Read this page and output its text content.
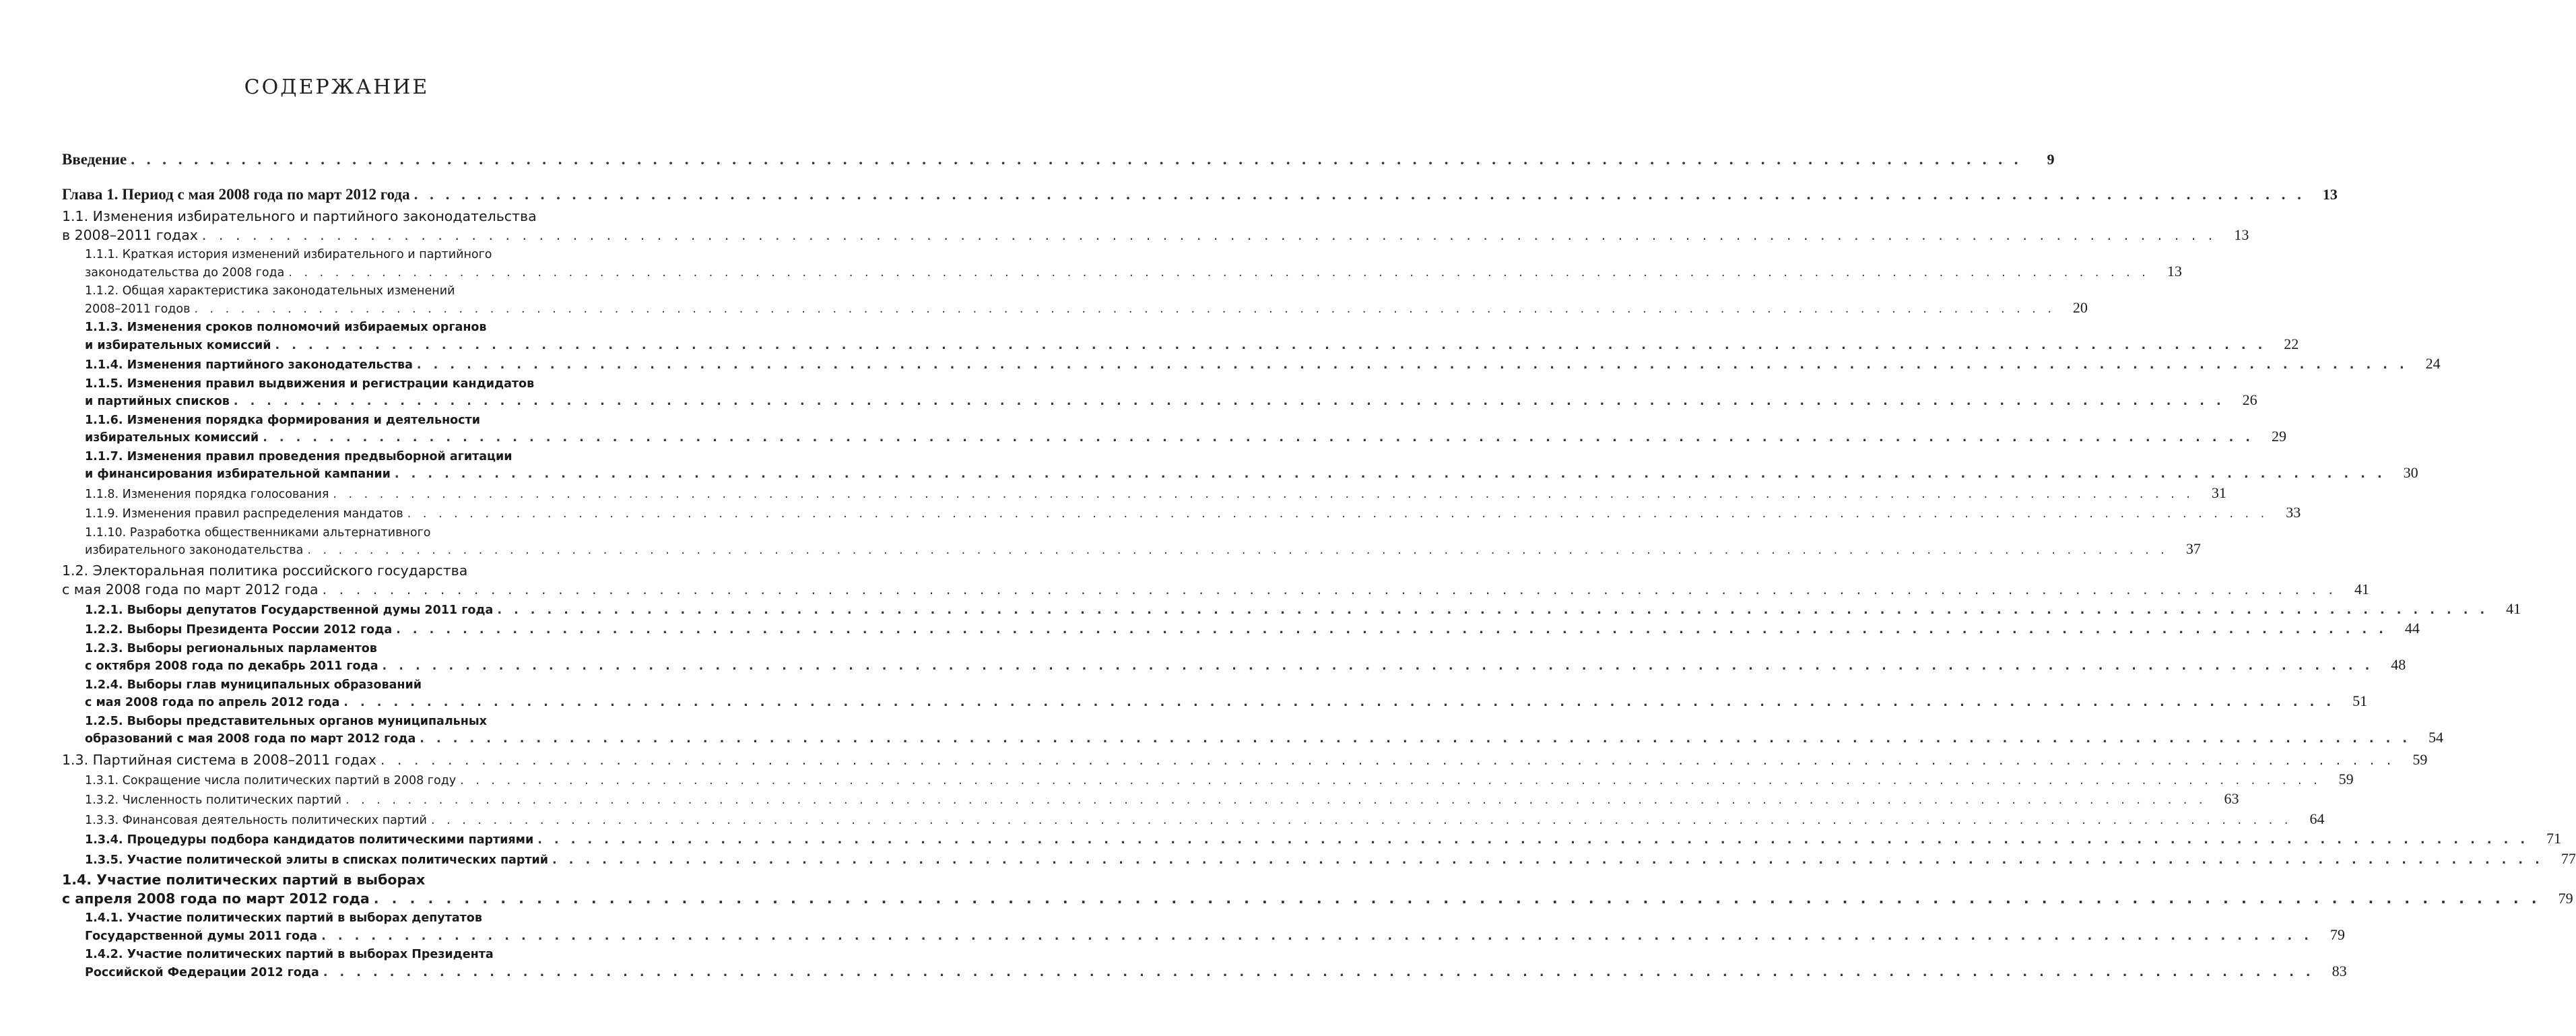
СОДЕРЖАНИЕ
Введение . . . . . . . . . . . . . . . . . . . . . . . . . . . . . . . . . . . . . . . . . . . . . . . . . . . . . . . . . . . . . . . . . . . . . . . . . . . . . . . . . . . . . . . . . . . . . . . . . . . . . . . . . . . . . . . . . . . . . . . .	9
Глава 1. Период с мая 2008 года по март 2012 года . . . . . . . . . . . . . . . . . . . . . . . . . . . . . . . . . . . . . . . . . . . . . . . . . . . . . . . . . . . . . . . . . . . . . . . . . . . . . . . . . . . . . . . . . . . . . . . . . . . . . . . . . . . . . . . . . . . . . . . .	13
1.1. Изменения избирательного и партийного законодательства
в 2008–2011 годах . . . . . . . . . . . . . . . . . . . . . . . . . . . . . . . . . . . . . . . . . . . . . . . . . . . . . . . . . . . . . . . . . . . . . . . . . . . . . . . . . . . . . . . . . . . . . . . . . . . . . . . . . . . . . . . . . . . . . . . .	13
1.1.1. Краткая история изменений избирательного и партийного
законодательства до 2008 года . . . . . . . . . . . . . . . . . . . . . . . . . . . . . . . . . . . . . . . . . . . . . . . . . . . . . . . . . . . . . . . . . . . . . . . . . . . . . . . . . . . . . . . . . . . . . . . . . . . . . . . . . . . . . . . . . . . . . . . .	13
1.1.2. Общая характеристика законодательных изменений
2008–2011 годов . . . . . . . . . . . . . . . . . . . . . . . . . . . . . . . . . . . . . . . . . . . . . . . . . . . . . . . . . . . . . . . . . . . . . . . . . . . . . . . . . . . . . . . . . . . . . . . . . . . . . . . . . . . . . . . . . . . . . . . .	20
1.1.3. Изменения сроков полномочий избираемых органов
и избирательных комиссий . . . . . . . . . . . . . . . . . . . . . . . . . . . . . . . . . . . . . . . . . . . . . . . . . . . . . . . . . . . . . . . . . . . . . . . . . . . . . . . . . . . . . . . . . . . . . . . . . . . . . . . . . . . . . . . . . . . . . . . .	22
1.1.4. Изменения партийного законодательства . . . . . . . . . . . . . . . . . . . . . . . . . . . . . . . . . . . . . . . . . . . . . . . . . . . . . . . . . . . . . . . . . . . . . . . . . . . . . . . . . . . . . . . . . . . . . . . . . . . . . . . . . . . . . . . . . . . . . . . .	24
1.1.5. Изменения правил выдвижения и регистрации кандидатов
и партийных списков . . . . . . . . . . . . . . . . . . . . . . . . . . . . . . . . . . . . . . . . . . . . . . . . . . . . . . . . . . . . . . . . . . . . . . . . . . . . . . . . . . . . . . . . . . . . . . . . . . . . . . . . . . . . . . . . . . . . . . . .	26
1.1.6. Изменения порядка формирования и деятельности
избирательных комиссий . . . . . . . . . . . . . . . . . . . . . . . . . . . . . . . . . . . . . . . . . . . . . . . . . . . . . . . . . . . . . . . . . . . . . . . . . . . . . . . . . . . . . . . . . . . . . . . . . . . . . . . . . . . . . . . . . . . . . . . .	29
1.1.7. Изменения правил проведения предвыборной агитации
и финансирования избирательной кампании . . . . . . . . . . . . . . . . . . . . . . . . . . . . . . . . . . . . . . . . . . . . . . . . . . . . . . . . . . . . . . . . . . . . . . . . . . . . . . . . . . . . . . . . . . . . . . . . . . . . . . . . . . . . . . . . . . . . . . . .	30
1.1.8. Изменения порядка голосования . . . . . . . . . . . . . . . . . . . . . . . . . . . . . . . . . . . . . . . . . . . . . . . . . . . . . . . . . . . . . . . . . . . . . . . . . . . . . . . . . . . . . . . . . . . . . . . . . . . . . . . . . . . . . . . . . . . . . . . .	31
1.1.9. Изменения правил распределения мандатов . . . . . . . . . . . . . . . . . . . . . . . . . . . . . . . . . . . . . . . . . . . . . . . . . . . . . . . . . . . . . . . . . . . . . . . . . . . . . . . . . . . . . . . . . . . . . . . . . . . . . . . . . . . . . . . . . . . . . . . .	33
1.1.10. Разработка общественниками альтернативного
избирательного законодательства . . . . . . . . . . . . . . . . . . . . . . . . . . . . . . . . . . . . . . . . . . . . . . . . . . . . . . . . . . . . . . . . . . . . . . . . . . . . . . . . . . . . . . . . . . . . . . . . . . . . . . . . . . . . . . . . . . . . . . . .	37
1.2. Электоральная политика российского государства
с мая 2008 года по март 2012 года . . . . . . . . . . . . . . . . . . . . . . . . . . . . . . . . . . . . . . . . . . . . . . . . . . . . . . . . . . . . . . . . . . . . . . . . . . . . . . . . . . . . . . . . . . . . . . . . . . . . . . . . . . . . . . . . . . . . . . . .	41
1.2.1. Выборы депутатов Государственной думы 2011 года . . . . . . . . . . . . . . . . . . . . . . . . . . . . . . . . . . . . . . . . . . . . . . . . . . . . . . . . . . . . . . . . . . . . . . . . . . . . . . . . . . . . . . . . . . . . . . . . . . . . . . . . . . . . . . . . . . . . . . . .	41
1.2.2. Выборы Президента России 2012 года . . . . . . . . . . . . . . . . . . . . . . . . . . . . . . . . . . . . . . . . . . . . . . . . . . . . . . . . . . . . . . . . . . . . . . . . . . . . . . . . . . . . . . . . . . . . . . . . . . . . . . . . . . . . . . . . . . . . . . . .	44
1.2.3. Выборы региональных парламентов
с октября 2008 года по декабрь 2011 года . . . . . . . . . . . . . . . . . . . . . . . . . . . . . . . . . . . . . . . . . . . . . . . . . . . . . . . . . . . . . . . . . . . . . . . . . . . . . . . . . . . . . . . . . . . . . . . . . . . . . . . . . . . . . . . . . . . . . . . .	48
1.2.4. Выборы глав муниципальных образований
с мая 2008 года по апрель 2012 года . . . . . . . . . . . . . . . . . . . . . . . . . . . . . . . . . . . . . . . . . . . . . . . . . . . . . . . . . . . . . . . . . . . . . . . . . . . . . . . . . . . . . . . . . . . . . . . . . . . . . . . . . . . . . . . . . . . . . . . .	51
1.2.5. Выборы представительных органов муниципальных
образований с мая 2008 года по март 2012 года . . . . . . . . . . . . . . . . . . . . . . . . . . . . . . . . . . . . . . . . . . . . . . . . . . . . . . . . . . . . . . . . . . . . . . . . . . . . . . . . . . . . . . . . . . . . . . . . . . . . . . . . . . . . . . . . . . . . . . . .	54
1.3. Партийная система в 2008–2011 годах . . . . . . . . . . . . . . . . . . . . . . . . . . . . . . . . . . . . . . . . . . . . . . . . . . . . . . . . . . . . . . . . . . . . . . . . . . . . . . . . . . . . . . . . . . . . . . . . . . . . . . . . . . . . . . . . . . . . . . . .	59
1.3.1. Сокращение числа политических партий в 2008 году . . . . . . . . . . . . . . . . . . . . . . . . . . . . . . . . . . . . . . . . . . . . . . . . . . . . . . . . . . . . . . . . . . . . . . . . . . . . . . . . . . . . . . . . . . . . . . . . . . . . . . . . . . . . . . . . . . . . . . . .	59
1.3.2. Численность политических партий . . . . . . . . . . . . . . . . . . . . . . . . . . . . . . . . . . . . . . . . . . . . . . . . . . . . . . . . . . . . . . . . . . . . . . . . . . . . . . . . . . . . . . . . . . . . . . . . . . . . . . . . . . . . . . . . . . . . . . . .	63
1.3.3. Финансовая деятельность политических партий . . . . . . . . . . . . . . . . . . . . . . . . . . . . . . . . . . . . . . . . . . . . . . . . . . . . . . . . . . . . . . . . . . . . . . . . . . . . . . . . . . . . . . . . . . . . . . . . . . . . . . . . . . . . . . . . . . . . . . . .	64
1.3.4. Процедуры подбора кандидатов политическими партиями . . . . . . . . . . . . . . . . . . . . . . . . . . . . . . . . . . . . . . . . . . . . . . . . . . . . . . . . . . . . . . . . . . . . . . . . . . . . . . . . . . . . . . . . . . . . . . . . . . . . . . . . . . . . . . . . . . . . . . . .	71
1.3.5. Участие политической элиты в списках политических партий . . . . . . . . . . . . . . . . . . . . . . . . . . . . . . . . . . . . . . . . . . . . . . . . . . . . . . . . . . . . . . . . . . . . . . . . . . . . . . . . . . . . . . . . . . . . . . . . . . . . . . . . . . . . . . . . . . . . . . . .	77
1.4. Участие политических партий в выборах
с апреля 2008 года по март 2012 года . . . . . . . . . . . . . . . . . . . . . . . . . . . . . . . . . . . . . . . . . . . . . . . . . . . . . . . . . . . . . . . . . . . . . . . . . . . . . . . . . . . . . . . . . . . . . . . . . . . . . . . . . . . . . . . . . . . . . . . .	79
1.4.1. Участие политических партий в выборах депутатов
Государственной думы 2011 года . . . . . . . . . . . . . . . . . . . . . . . . . . . . . . . . . . . . . . . . . . . . . . . . . . . . . . . . . . . . . . . . . . . . . . . . . . . . . . . . . . . . . . . . . . . . . . . . . . . . . . . . . . . . . . . . . . . . . . . .	79
1.4.2. Участие политических партий в выборах Президента
Российской Федерации 2012 года . . . . . . . . . . . . . . . . . . . . . . . . . . . . . . . . . . . . . . . . . . . . . . . . . . . . . . . . . . . . . . . . . . . . . . . . . . . . . . . . . . . . . . . . . . . . . . . . . . . . . . . . . . . . . . . . . . . . . . . .	83
